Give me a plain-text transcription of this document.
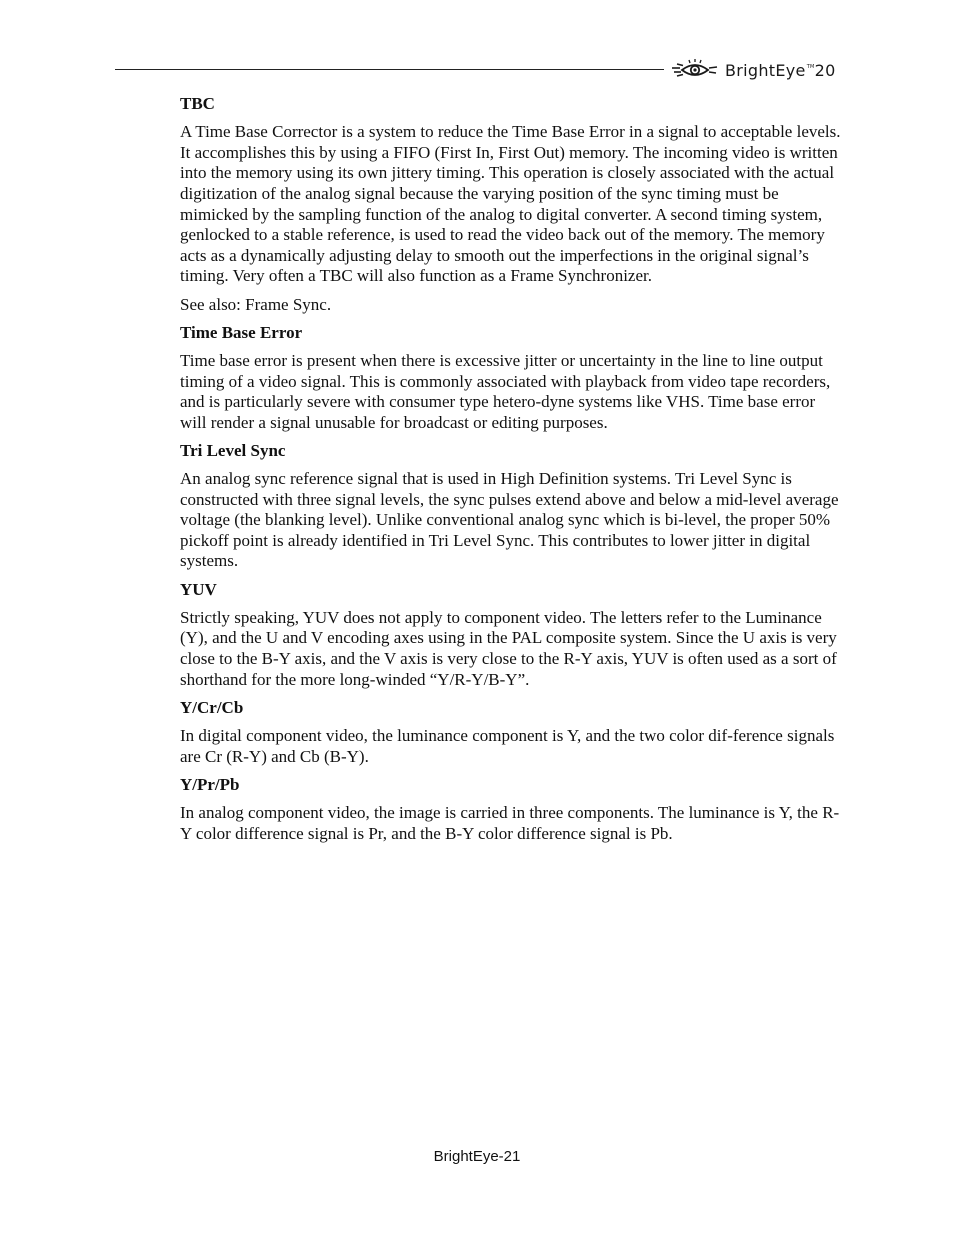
BrightEye™20
TBC

A Time Base Corrector is a system to reduce the Time Base Error in a signal to acceptable levels. It accomplishes this by using a FIFO (First In, First Out) memory. The incoming video is written into the memory using its own jittery timing. This operation is closely associated with the actual digitization of the analog signal because the varying position of the sync timing must be mimicked by the sampling function of the analog to digital converter. A second timing system, genlocked to a stable reference, is used to read the video back out of the memory. The memory acts as a dynamically adjusting delay to smooth out the imperfections in the original signal’s timing. Very often a TBC will also function as a Frame Synchronizer.

See also: Frame Sync.

Time Base Error

Time base error is present when there is excessive jitter or uncertainty in the line to line output timing of a video signal. This is commonly associated with playback from video tape recorders, and is particularly severe with consumer type hetero-dyne systems like VHS. Time base error will render a signal unusable for broadcast or editing purposes.

Tri Level Sync

An analog sync reference signal that is used in High Definition systems. Tri Level Sync is constructed with three signal levels, the sync pulses extend above and below a mid-level average voltage (the blanking level). Unlike conventional analog sync which is bi-level, the proper 50% pickoff point is already identified in Tri Level Sync. This contributes to lower jitter in digital systems.

YUV

Strictly speaking, YUV does not apply to component video. The letters refer to the Luminance (Y), and the U and V encoding axes using in the PAL composite system. Since the U axis is very close to the B-Y axis, and the V axis is very close to the R-Y axis, YUV is often used as a sort of shorthand for the more long-winded “Y/R-Y/B-Y”.

Y/Cr/Cb

In digital component video, the luminance component is Y, and the two color dif-ference signals are Cr (R-Y) and Cb (B-Y).

Y/Pr/Pb

In analog component video, the image is carried in three components. The luminance is Y, the R-Y color difference signal is Pr, and the B-Y color difference signal is Pb.

BrightEye-21
